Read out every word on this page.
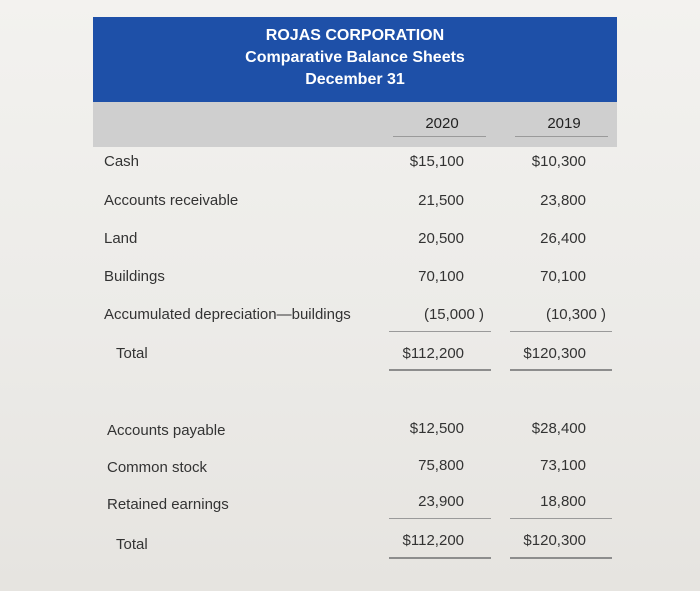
ROJAS CORPORATION
Comparative Balance Sheets
December 31
2020	2019
Cash	$15,100	$10,300
Accounts receivable	21,500	23,800
Land	20,500	26,400
Buildings	70,100	70,100
Accumulated depreciation—buildings	(15,000 )	(10,300 )
Total	$112,200	$120,300
Accounts payable	$12,500	$28,400
Common stock	75,800	73,100
Retained earnings	23,900	18,800
Total	$112,200	$120,300
